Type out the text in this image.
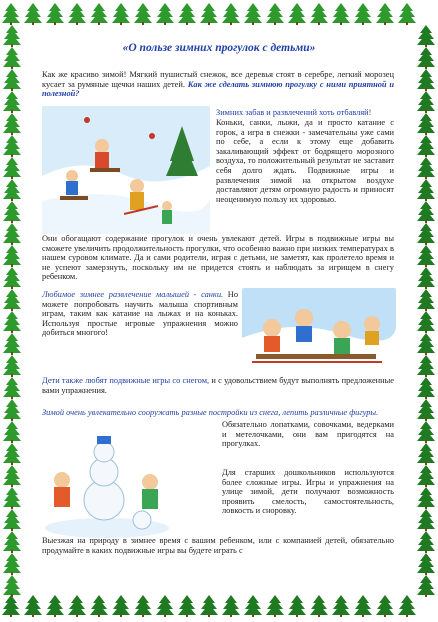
«О пользе зимних прогулок с детьми»

Как же красиво зимой! Мягкий пушистый снежок, все деревья стоят в серебре, легкий морозец кусает за румяные щечки наших детей. Как же сделать зимнюю прогулку с ними приятной и полезной?

Зимних забав и развлечений хоть отбавляй!

Коньки, санки, лыжи, да и просто катание с горок, а игра в снежки - замечательны уже сами по себе, а если к этому еще добавить закаливающий эффект от бодрящего морозного воздуха, то положительный результат не заставит себя долго ждать. Подвижные игры и развлечения зимой на открытом воздухе доставляют детям огромную радость и приносят неоценимую пользу их здоровью.

Они обогащают содержание прогулок и очень увлекают детей. Игры в подвижные игры вы сможете увеличить продолжительность прогулки, что особенно важно при низких температурах в нашем суровом климате. Да и сами родители, играя с детьми, не заметят, как пролетело время и не успеют замерзнуть, поскольку им не придется стоять и наблюдать за игрищем в снегу ребенком.

Любимое зимнее развлечение малышей - санки. Но можете попробовать научить малыша спортивным играм, таким как катание на лыжах и на коньках. Используя простые игровые упражнения можно добиться многого!

Дети также любят подвижные игры со снегом, и с удовольствием будут выполнять предложенные вами упражнения.

Зимой очень увлекательно сооружать разные постройки из снега, лепить различные фигуры.

Обязательно лопатками, совочками, ведерками и метелочками, они вам пригодятся на прогулках.

Для старших дошкольников используются более сложные игры. Игры и упражнения на улице зимой, дети получают возможность проявить смелость, самостоятельность, ловкость и сноровку.

Выезжая на природу в зимнее время с вашим ребенком, или с компанией детей, обязательно продумайте в каких подвижные игры вы будете играть с
